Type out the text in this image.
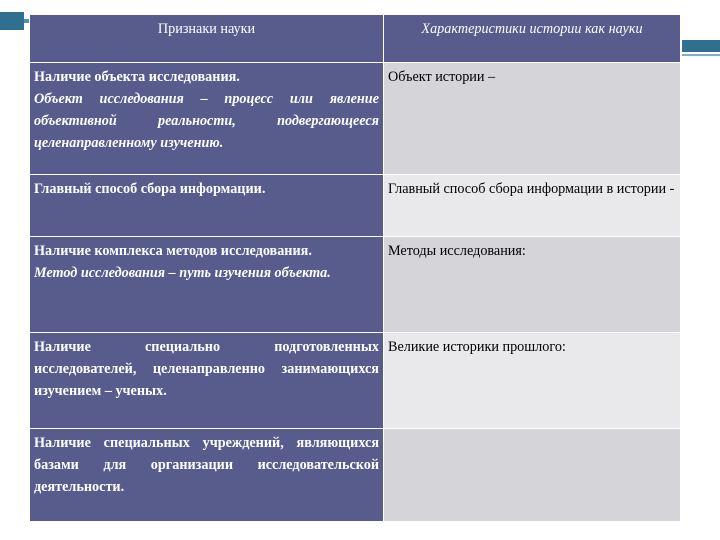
Признаки науки	Характеристики истории как науки

Наличие объекта исследования.
Объект исследования – процесс или явление объективной реальности, подвергающееся целенаправленному изучению.	Объект истории –

Главный способ сбора информации.	Главный способ сбора информации в истории -

Наличие комплекса методов исследования.
Метод исследования – путь изучения объекта.	Методы исследования:

Наличие специально подготовленных исследователей, целенаправленно занимающихся изучением – ученых.	Великие историки прошлого:

Наличие специальных учреждений, являющихся базами для организации исследовательской деятельности.	
